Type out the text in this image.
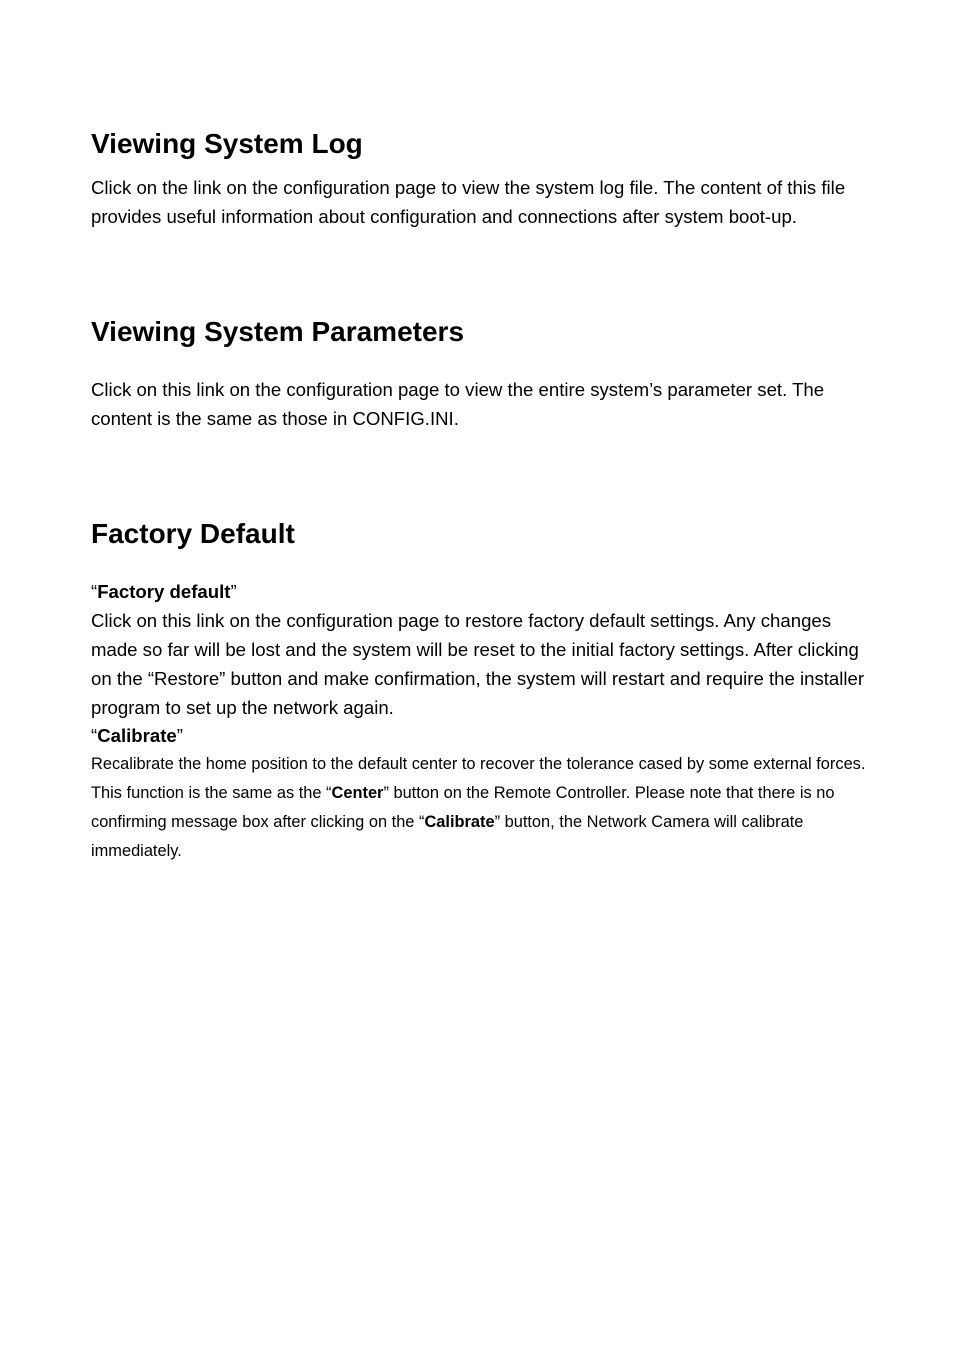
Viewing System Log

Click on the link on the configuration page to view the system log file. The content of this file provides useful information about configuration and connections after system boot-up.

Viewing System Parameters

Click on this link on the configuration page to view the entire system’s parameter set. The content is the same as those in CONFIG.INI.

Factory Default
“Factory default”

Click on this link on the configuration page to restore factory default settings. Any changes made so far will be lost and the system will be reset to the initial factory settings. After clicking on the “Restore” button and make confirmation, the system will restart and require the installer program to set up the network again.

“Calibrate”

Recalibrate the home position to the default center to recover the tolerance cased by some external forces. This function is the same as the “Center” button on the Remote Controller. Please note that there is no confirming message box after clicking on the “Calibrate” button, the Network Camera will calibrate immediately.
